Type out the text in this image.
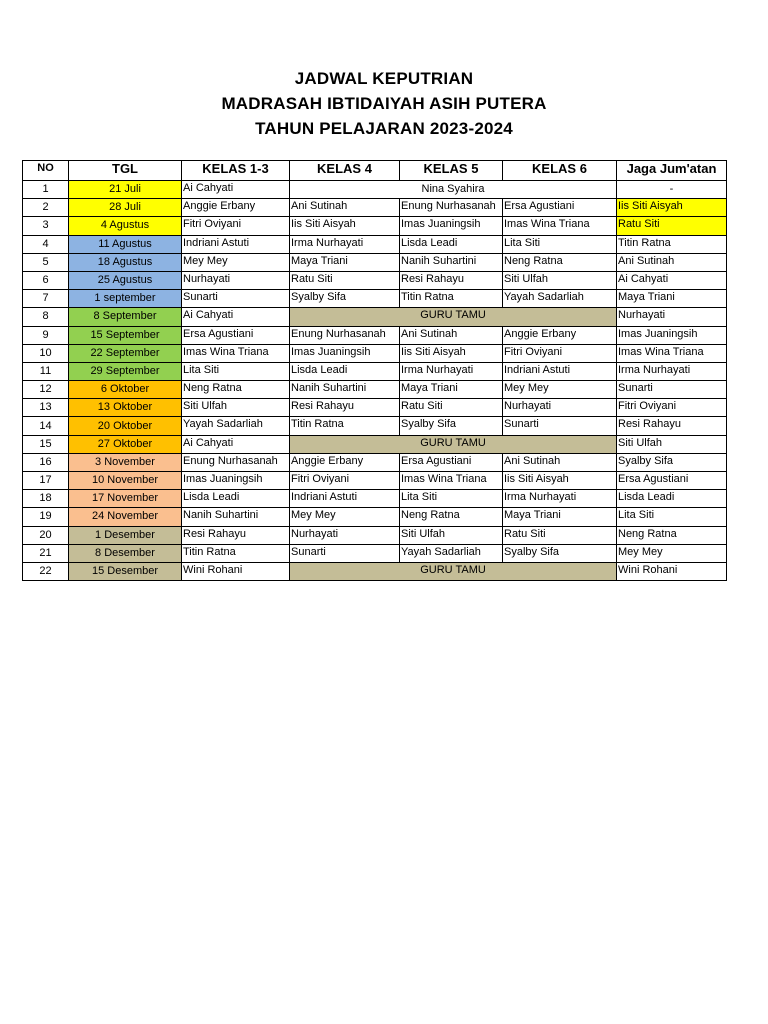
JADWAL KEPUTRIAN
MADRASAH IBTIDAIYAH ASIH PUTERA
TAHUN PELAJARAN 2023-2024
NO	TGL	KELAS 1-3	KELAS 4	KELAS 5	KELAS 6	Jaga Jum'atan
1	21 Juli	Ai Cahyati	Nina Syahira			-
2	28 Juli	Anggie Erbany	Ani Sutinah	Enung Nurhasanah	Ersa Agustiani	Iis Siti Aisyah
3	4 Agustus	Fitri Oviyani	Iis Siti Aisyah	Imas Juaningsih	Imas Wina Triana	Ratu Siti
4	11 Agustus	Indriani Astuti	Irma Nurhayati	Lisda Leadi	Lita Siti	Titin Ratna
5	18 Agustus	Mey Mey	Maya Triani	Nanih Suhartini	Neng Ratna	Ani Sutinah
6	25 Agustus	Nurhayati	Ratu Siti	Resi Rahayu	Siti Ulfah	Ai Cahyati
7	1 september	Sunarti	Syalby Sifa	Titin Ratna	Yayah Sadarliah	Maya Triani
8	8 September	Ai Cahyati	GURU TAMU			Nurhayati
9	15 September	Ersa Agustiani	Enung Nurhasanah	Ani Sutinah	Anggie Erbany	Imas Juaningsih
10	22 September	Imas Wina Triana	Imas Juaningsih	Iis Siti Aisyah	Fitri Oviyani	Imas Wina Triana
11	29 September	Lita Siti	Lisda Leadi	Irma Nurhayati	Indriani Astuti	Irma Nurhayati
12	6 Oktober	Neng Ratna	Nanih Suhartini	Maya Triani	Mey Mey	Sunarti
13	13 Oktober	Siti Ulfah	Resi Rahayu	Ratu Siti	Nurhayati	Fitri Oviyani
14	20 Oktober	Yayah Sadarliah	Titin Ratna	Syalby Sifa	Sunarti	Resi Rahayu
15	27 Oktober	Ai Cahyati	GURU TAMU			Siti Ulfah
16	3 November	Enung Nurhasanah	Anggie Erbany	Ersa Agustiani	Ani Sutinah	Syalby Sifa
17	10 November	Imas Juaningsih	Fitri Oviyani	Imas Wina Triana	Iis Siti Aisyah	Ersa Agustiani
18	17 November	Lisda Leadi	Indriani Astuti	Lita Siti	Irma Nurhayati	Lisda Leadi
19	24 November	Nanih Suhartini	Mey Mey	Neng Ratna	Maya Triani	Lita Siti
20	1 Desember	Resi Rahayu	Nurhayati	Siti Ulfah	Ratu Siti	Neng Ratna
21	8 Desember	Titin Ratna	Sunarti	Yayah Sadarliah	Syalby Sifa	Mey Mey
22	15 Desember	Wini Rohani	GURU TAMU			Wini Rohani
